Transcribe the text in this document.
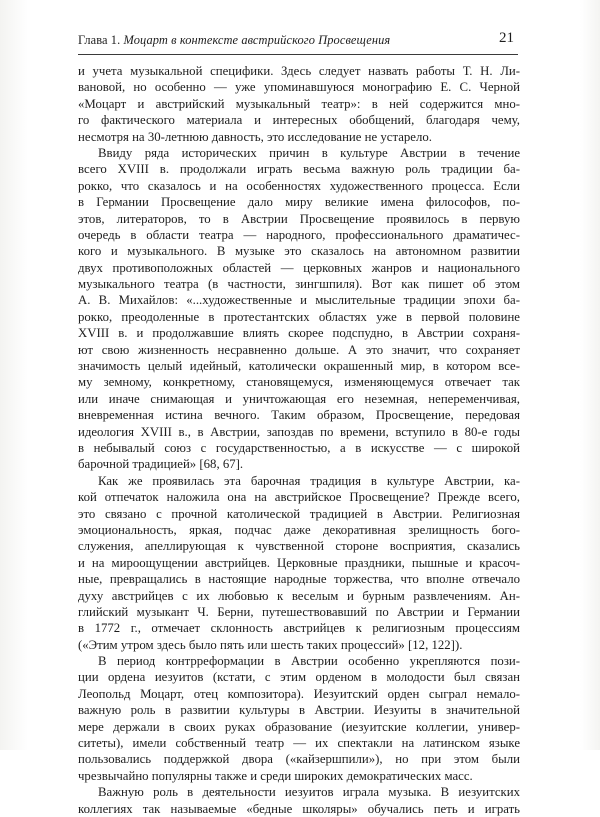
Глава 1. Моцарт в контексте австрийского Просвещения	21
и учета музыкальной специфики. Здесь следует назвать работы Т. Н. Ли-
вановой, но особенно — уже упоминавшуюся монографию Е. С. Черной
«Моцарт и австрийский музыкальный театр»: в ней содержится мно-
го фактического материала и интересных обобщений, благодаря чему,
несмотря на 30-летнюю давность, это исследование не устарело.
Ввиду ряда исторических причин в культуре Австрии в течение
всего XVIII в. продолжали играть весьма важную роль традиции ба-
рокко, что сказалось и на особенностях художественного процесса. Если
в Германии Просвещение дало миру великие имена философов, по-
этов, литераторов, то в Австрии Просвещение проявилось в первую
очередь в области театра — народного, профессионального драматичес-
кого и музыкального. В музыке это сказалось на автономном развитии
двух противоположных областей — церковных жанров и национального
музыкального театра (в частности, зингшпиля). Вот как пишет об этом
А. В. Михайлов: «...художественные и мыслительные традиции эпохи ба-
рокко, преодоленные в протестантских областях уже в первой половине
XVIII в. и продолжавшие влиять скорее подспудно, в Австрии сохраня-
ют свою жизненность несравненно дольше. А это значит, что сохраняет
значимость целый идейный, католически окрашенный мир, в котором все-
му земному, конкретному, становящемуся, изменяющемуся отвечает так
или иначе снимающая и уничтожающая его неземная, непеременчивая,
вневременная истина вечного. Таким образом, Просвещение, передовая
идеология XVIII в., в Австрии, запоздав по времени, вступило в 80-е годы
в небывалый союз с государственностью, а в искусстве — с широкой
барочной традицией» [68, 67].
Как же проявилась эта барочная традиция в культуре Австрии, ка-
кой отпечаток наложила она на австрийское Просвещение? Прежде всего,
это связано с прочной католической традицией в Австрии. Религиозная
эмоциональность, яркая, подчас даже декоративная зрелищность бого-
служения, апеллирующая к чувственной стороне восприятия, сказались
и на мироощущении австрийцев. Церковные праздники, пышные и красоч-
ные, превращались в настоящие народные торжества, что вполне отвечало
духу австрийцев с их любовью к веселым и бурным развлечениям. Ан-
глийский музыкант Ч. Берни, путешествовавший по Австрии и Германии
в 1772 г., отмечает склонность австрийцев к религиозным процессиям
(«Этим утром здесь было пять или шесть таких процессий» [12, 122]).
В период контрреформации в Австрии особенно укрепляются пози-
ции ордена иезуитов (кстати, с этим орденом в молодости был связан
Леопольд Моцарт, отец композитора). Иезуитский орден сыграл немало-
важную роль в развитии культуры в Австрии. Иезуиты в значительной
мере держали в своих руках образование (иезуитские коллегии, универ-
ситеты), имели собственный театр — их спектакли на латинском языке
пользовались поддержкой двора («кайзершпили»), но при этом были
чрезвычайно популярны также и среди широких демократических масс.
Важную роль в деятельности иезуитов играла музыка. В иезуитских
коллегиях так называемые «бедные школяры» обучались петь и играть
